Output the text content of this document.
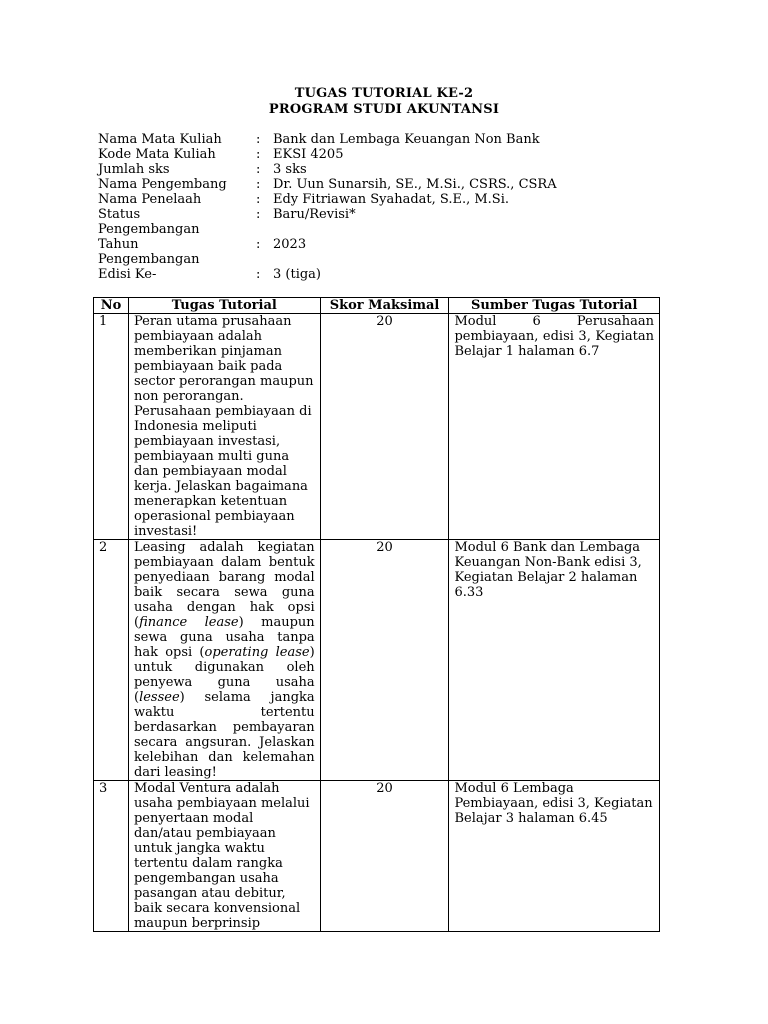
TUGAS TUTORIAL KE-2
PROGRAM STUDI AKUNTANSI
Nama Mata Kuliah	: Bank dan Lembaga Keuangan Non Bank
Kode Mata Kuliah	: EKSI 4205
Jumlah sks	: 3 sks
Nama Pengembang	: Dr. Uun Sunarsih, SE., M.Si., CSRS., CSRA
Nama Penelaah	: Edy Fitriawan Syahadat, S.E., M.Si.
Status Pengembangan
: Baru/Revisi*
Tahun Pengembangan
: 2023
Edisi Ke-	: 3 (tiga)
No	Tugas Tutorial	Skor Maksimal	Sumber Tugas Tutorial
1	Peran utama prusahaan pembiayaan adalah memberikan pinjaman pembiayaan baik pada sector perorangan maupun non perorangan. Perusahaan pembiayaan di Indonesia meliputi pembiayaan investasi, pembiayaan multi guna dan pembiayaan modal kerja. Jelaskan bagaimana menerapkan ketentuan operasional pembiayaan investasi!	20	Modul 6 Perusahaan pembiayaan, edisi 3, Kegiatan Belajar 1 halaman 6.7
2	Leasing adalah kegiatan pembiayaan dalam bentuk penyediaan barang modal baik secara sewa guna usaha dengan hak opsi (finance lease) maupun sewa guna usaha tanpa hak opsi (operating lease) untuk digunakan oleh penyewa guna usaha (lessee) selama jangka waktu tertentu berdasarkan pembayaran secara angsuran. Jelaskan kelebihan dan kelemahan dari leasing!	20	Modul 6 Bank dan Lembaga Keuangan Non-Bank edisi 3, Kegiatan Belajar 2 halaman 6.33
3	Modal Ventura adalah usaha pembiayaan melalui penyertaan modal dan/atau pembiayaan untuk jangka waktu tertentu dalam rangka pengembangan usaha pasangan atau debitur, baik secara konvensional maupun berprinsip	20	Modul 6 Lembaga Pembiayaan, edisi 3, Kegiatan Belajar 3 halaman 6.45
